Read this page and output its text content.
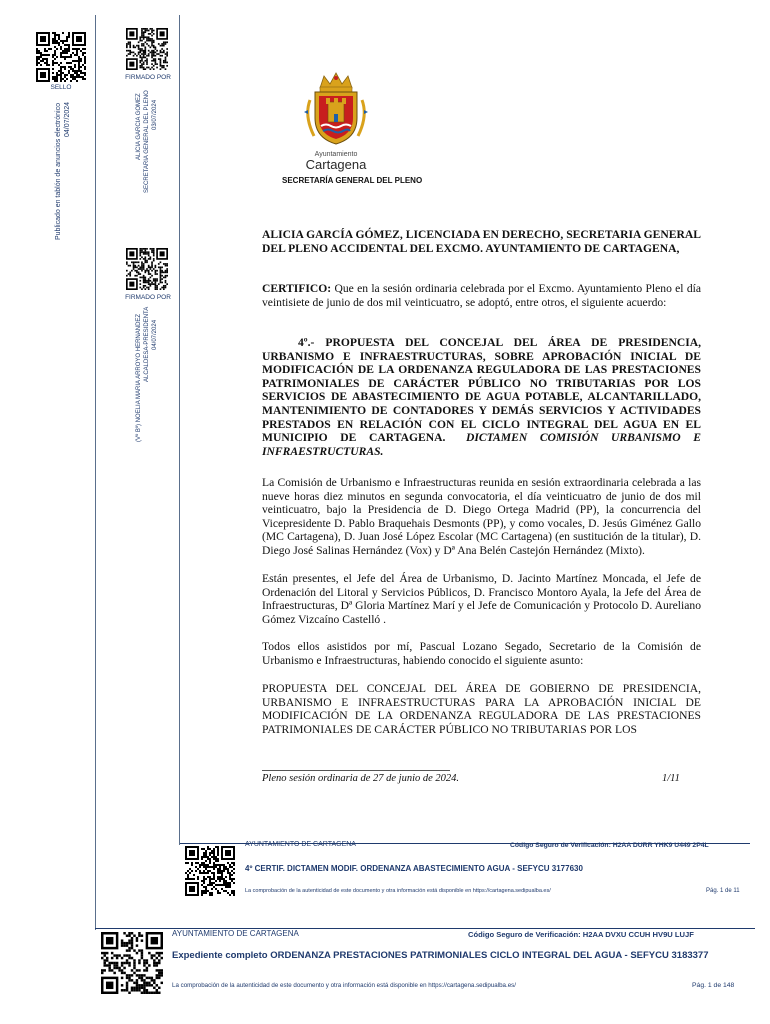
SELLO
Publicado en tablón de anuncios electrónico 04/07/2024
FIRMADO POR
ALICIA GARCIA GOMEZ SECRETARIA GENERAL DEL PLENO 03/07/2024
FIRMADO POR
(Vº Bº) NOELIA MARIA ARROYO HERNANDEZ ALCALDESA-PRESIDENTA 04/07/2024
Ayuntamiento
Cartagena
SECRETARÍA GENERAL DEL PLENO
ALICIA GARCÍA GÓMEZ, LICENCIADA EN DERECHO, SECRETARIA GENERAL DEL PLENO ACCIDENTAL DEL EXCMO. AYUNTAMIENTO DE CARTAGENA,
CERTIFICO: Que en la sesión ordinaria celebrada por el Excmo. Ayuntamiento Pleno el día veintisiete de junio de dos mil veinticuatro, se adoptó, entre otros, el siguiente acuerdo:
4º.- PROPUESTA DEL CONCEJAL DEL ÁREA DE PRESIDENCIA, URBANISMO E INFRAESTRUCTURAS, SOBRE APROBACIÓN INICIAL DE MODIFICACIÓN DE LA ORDENANZA REGULADORA DE LAS PRESTACIONES PATRIMONIALES DE CARÁCTER PÚBLICO NO TRIBUTARIAS POR LOS SERVICIOS DE ABASTECIMIENTO DE AGUA POTABLE, ALCANTARILLADO, MANTENIMIENTO DE CONTADORES Y DEMÁS SERVICIOS Y ACTIVIDADES PRESTADOS EN RELACIÓN CON EL CICLO INTEGRAL DEL AGUA EN EL MUNICIPIO DE CARTAGENA. DICTAMEN COMISIÓN URBANISMO E INFRAESTRUCTURAS.
La Comisión de Urbanismo e Infraestructuras reunida en sesión extraordinaria celebrada a las nueve horas diez minutos en segunda convocatoria, el día veinticuatro de junio de dos mil veinticuatro, bajo la Presidencia de D. Diego Ortega Madrid (PP), la concurrencia del Vicepresidente D. Pablo Braquehais Desmonts (PP), y como vocales, D. Jesús Giménez Gallo (MC Cartagena), D. Juan José López Escolar (MC Cartagena) (en sustitución de la titular), D. Diego José Salinas Hernández (Vox) y Dª Ana Belén Castejón Hernández (Mixto).
Están presentes, el Jefe del Área de Urbanismo, D. Jacinto Martínez Moncada, el Jefe de Ordenación del Litoral y Servicios Públicos, D. Francisco Montoro Ayala, la Jefe del Área de Infraestructuras, Dª Gloria Martínez Marí y el Jefe de Comunicación y Protocolo D. Aureliano Gómez Vizcaíno Castelló .
Todos ellos asistidos por mí, Pascual Lozano Segado, Secretario de la Comisión de Urbanismo e Infraestructuras, habiendo conocido el siguiente asunto:
PROPUESTA DEL CONCEJAL DEL ÁREA DE GOBIERNO DE PRESIDENCIA, URBANISMO E INFRAESTRUCTURAS PARA LA APROBACIÓN INICIAL DE MODIFICACIÓN DE LA ORDENANZA REGULADORA DE LAS PRESTACIONES PATRIMONIALES DE CARÁCTER PÚBLICO NO TRIBUTARIAS POR LOS
Pleno sesión ordinaria de 27 de junio de 2024.	1/11
AYUNTAMIENTO DE CARTAGENA	Código Seguro de Verificación: H2AA DURR YHK9 U449 2P4L
4º CERTIF. DICTAMEN MODIF. ORDENANZA ABASTECIMIENTO AGUA - SEFYCU 3177630
La comprobación de la autenticidad de este documento y otra información está disponible en https://cartagena.sedipualba.es/	Pág. 1 de 11
AYUNTAMIENTO DE CARTAGENA	Código Seguro de Verificación: H2AA DVXU CCUH HV9U LUJF
Expediente completo ORDENANZA PRESTACIONES PATRIMONIALES CICLO INTEGRAL DEL AGUA - SEFYCU 3183377
La comprobación de la autenticidad de este documento y otra información está disponible en https://cartagena.sedipualba.es/	Pág. 1 de 148
